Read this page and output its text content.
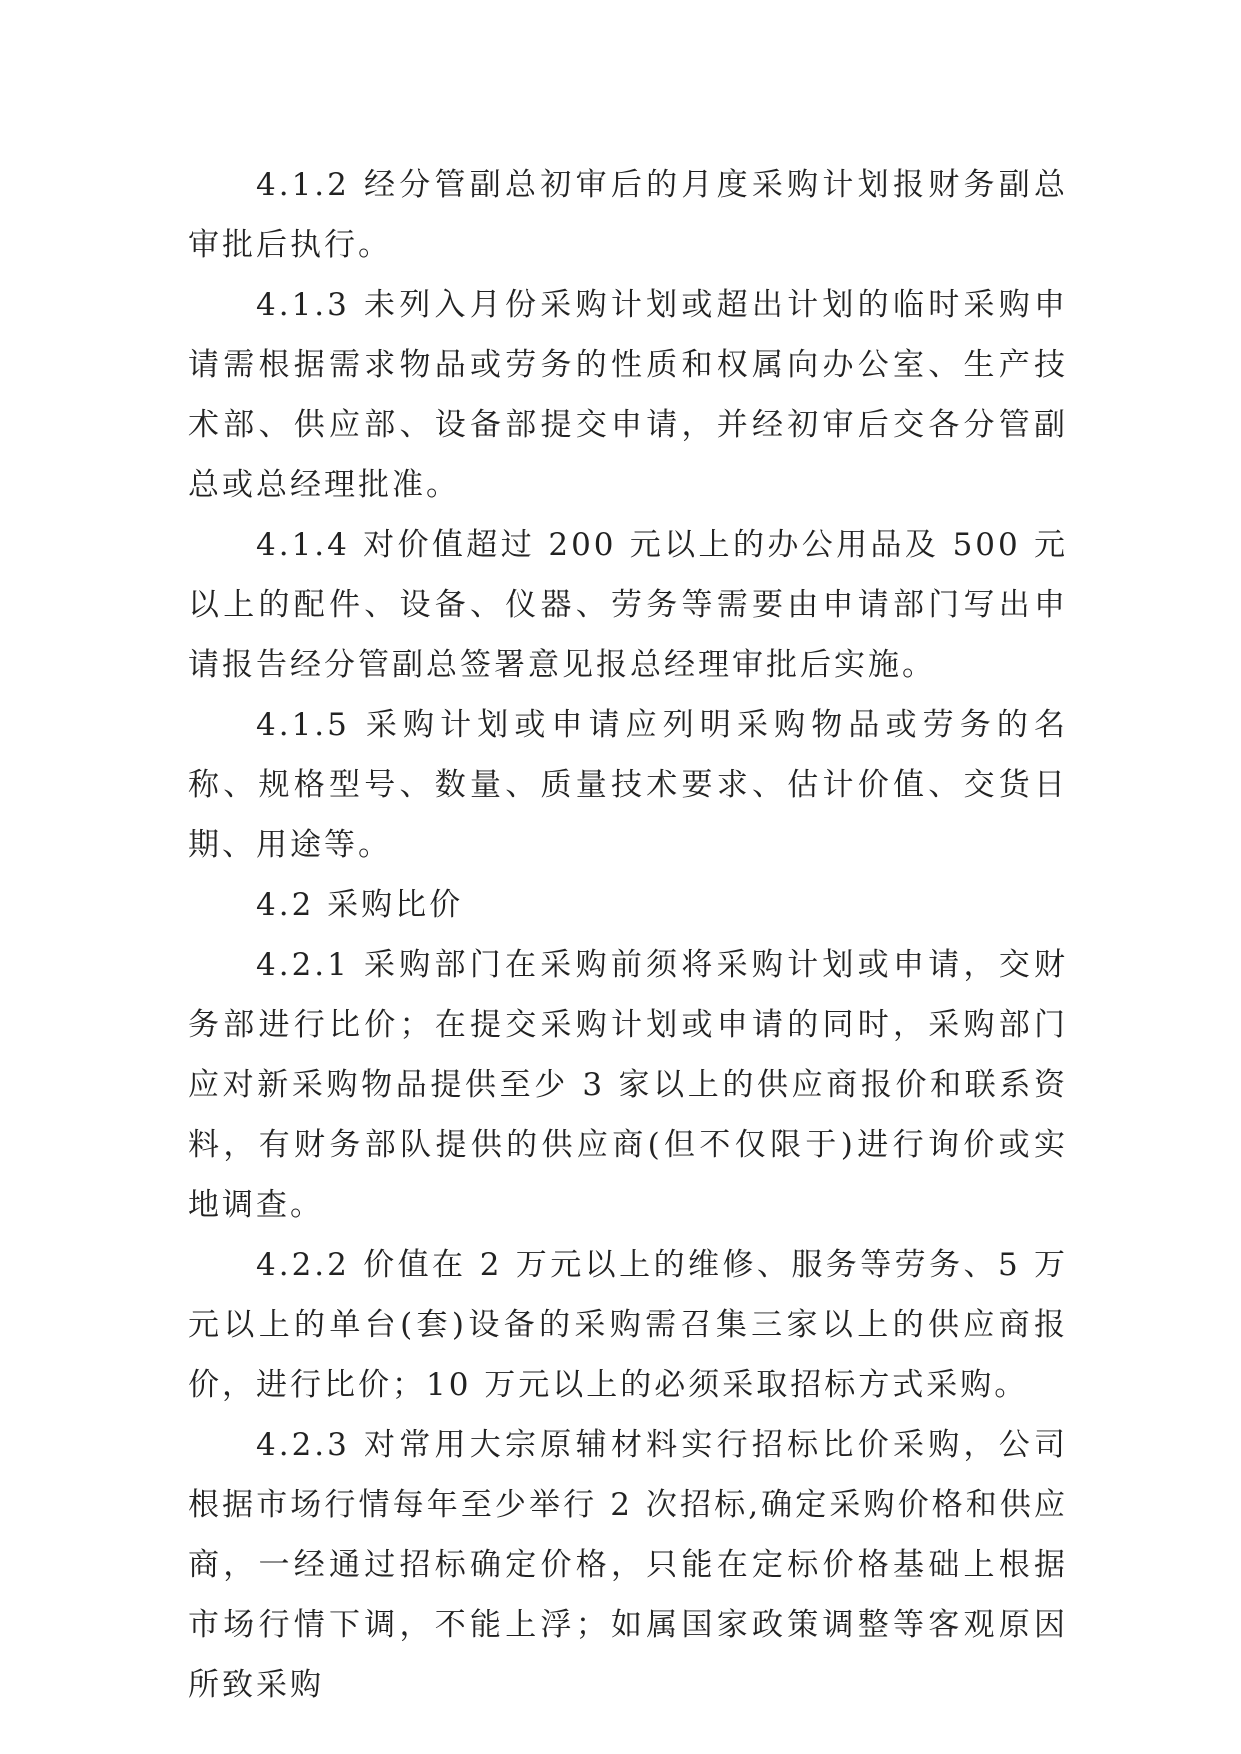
4.1.2 经分管副总初审后的月度采购计划报财务副总审批后执行。

4.1.3 未列入月份采购计划或超出计划的临时采购申请需根据需求物品或劳务的性质和权属向办公室、生产技术部、供应部、设备部提交申请，并经初审后交各分管副总或总经理批准。

4.1.4 对价值超过 200 元以上的办公用品及 500 元以上的配件、设备、仪器、劳务等需要由申请部门写出申请报告经分管副总签署意见报总经理审批后实施。

4.1.5 采购计划或申请应列明采购物品或劳务的名称、规格型号、数量、质量技术要求、估计价值、交货日期、用途等。

4.2 采购比价

4.2.1 采购部门在采购前须将采购计划或申请，交财务部进行比价；在提交采购计划或申请的同时，采购部门应对新采购物品提供至少 3 家以上的供应商报价和联系资料，有财务部队提供的供应商(但不仅限于)进行询价或实地调查。

4.2.2 价值在 2 万元以上的维修、服务等劳务、5 万元以上的单台(套)设备的采购需召集三家以上的供应商报价，进行比价；10 万元以上的必须采取招标方式采购。

4.2.3 对常用大宗原辅材料实行招标比价采购，公司根据市场行情每年至少举行 2 次招标,确定采购价格和供应商，一经通过招标确定价格，只能在定标价格基础上根据市场行情下调，不能上浮；如属国家政策调整等客观原因所致采购
